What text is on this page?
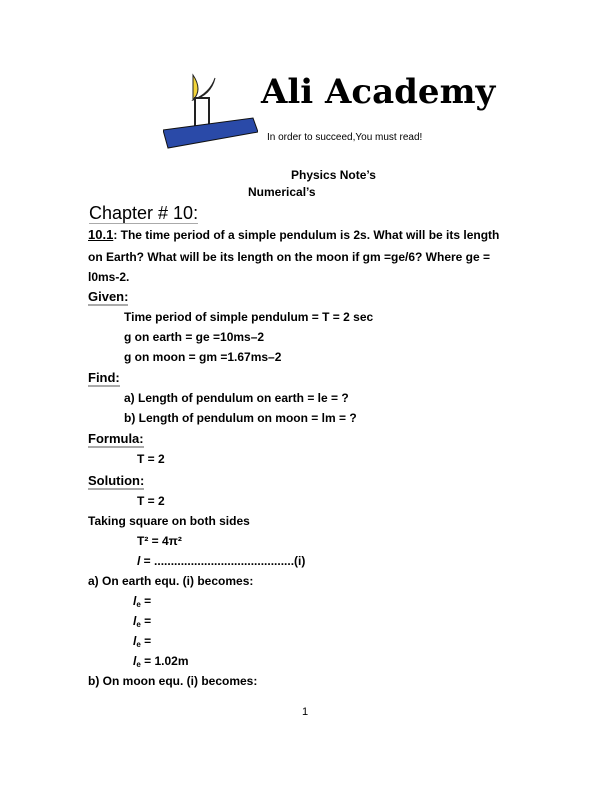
Ali Academy
In order to succeed,You must read!
Physics Note’s
Numerical’s
Chapter # 10:
10.1: The time period of a simple pendulum is 2s. What will be its length
on Earth? What will be its length on the moon if gm =ge/6? Where ge =
l0ms-2.
Given:
Time period of simple pendulum = T = 2 sec
g on earth = ge =10ms–2
g on moon = gm =1.67ms–2
Find:
a) Length of pendulum on earth = le = ?
b) Length of pendulum on moon = lm = ?
Formula:
T = 2
Solution:
T = 2
Taking square on both sides
T² = 4π²
l = ..........................................(i)
a) On earth equ. (i) becomes:
$l_e$ =
$l_e$ =
$l_e$ =
$l_e = 1.02m$
b) On moon equ. (i) becomes:
1
